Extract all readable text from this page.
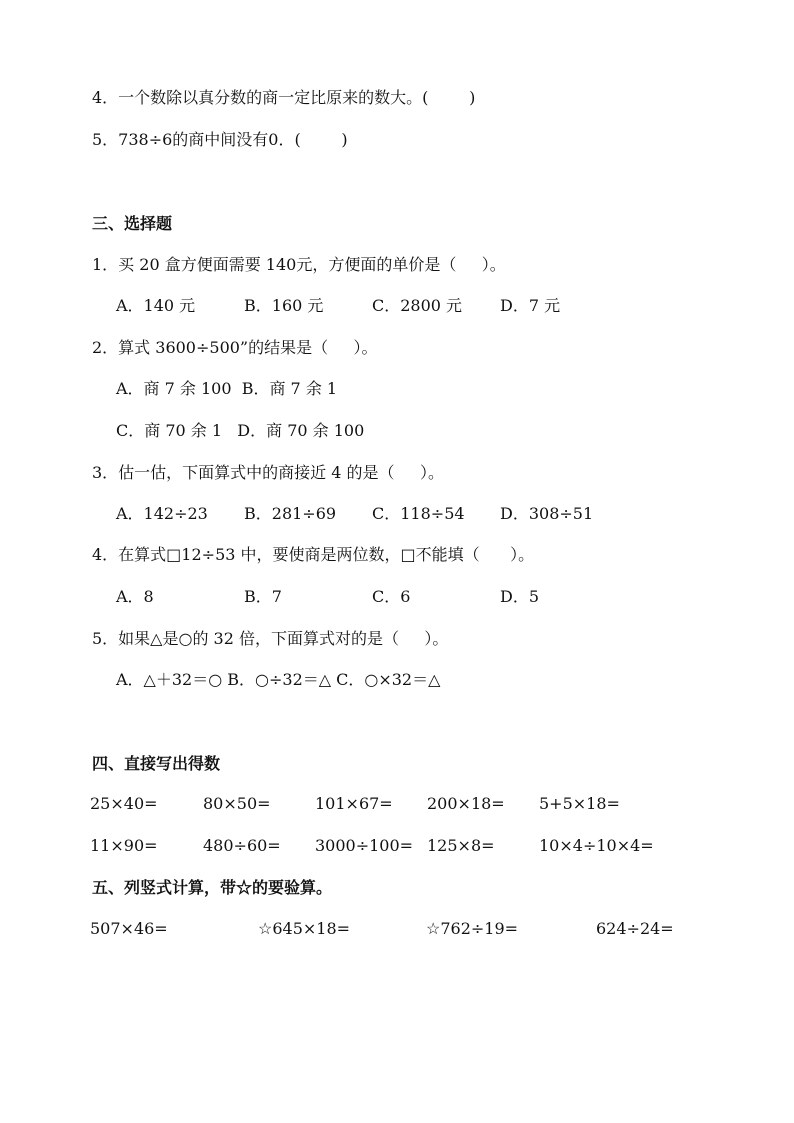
4．一个数除以真分数的商一定比原来的数大。(        )
5．738÷6的商中间没有0．(        )
三、选择题
1．买 20 盒方便面需要 140元，方便面的单价是（     ）。
A．140 元	B．160 元	C．2800 元 D．7 元
2．算式 3600÷500”的结果是（     ）。
A．商 7 余 100  B．商 7 余 1
C．商 70 余 1   D．商 70 余 100
3．估一估，下面算式中的商接近 4 的是（     ）。
A．142÷23 B．281÷69 C．118÷54 D．308÷51
4．在算式□12÷53 中，要使商是两位数，□不能填（      ）。
A．8	B．7	C．6	D．5
5．如果△是○的 32 倍，下面算式对的是（     ）。
A．△＋32＝○ B．○÷32＝△ C．○×32＝△
四、直接写出得数
25×40=	80×50=	101×67= 200×18= 5+5×18=
11×90=	480÷60= 3000÷100= 125×8=	10×4÷10×4=
五、列竖式计算，带☆的要验算。
507×46=	☆645×18=	☆762÷19=	624÷24=
